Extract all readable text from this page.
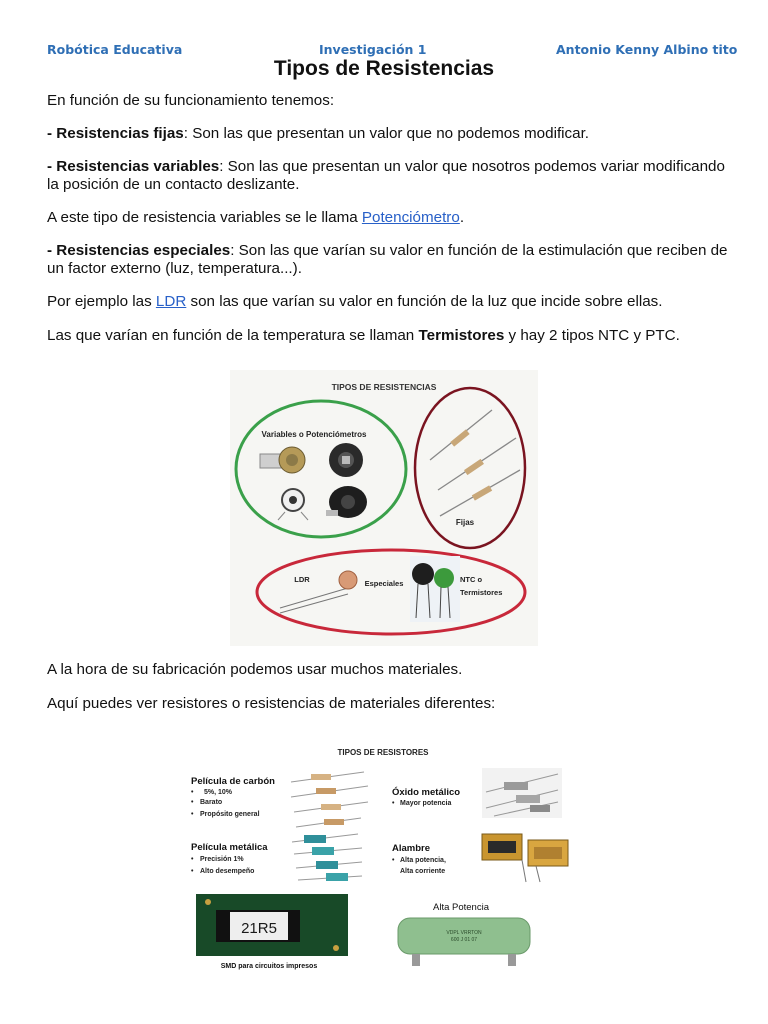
Robótica Educativa	Investigación 1	Antonio Kenny Albino tito
Tipos de Resistencias

En función de su funcionamiento tenemos:

- Resistencias fijas: Son las que presentan un valor que no podemos modificar.

- Resistencias variables: Son las que presentan un valor que nosotros podemos variar modificando la posición de un contacto deslizante.

A este tipo de resistencia variables se le llama Potenciómetro.

- Resistencias especiales: Son las que varían su valor en función de la estimulación que reciben de un factor externo (luz, temperatura...).

Por ejemplo las LDR son las que varían su valor en función de la luz que incide sobre ellas.

Las que varían en función de la temperatura se llaman Termistores y hay 2 tipos NTC y PTC.

TIPOS DE RESISTENCIAS
Variables o Potenciómetros
Fijas
LDR	Especiales	NTC o
Termistores

A la hora de su fabricación podemos usar muchos materiales.

Aquí puedes ver resistores o resistencias de materiales diferentes:

TIPOS DE RESISTORES
Película de carbón
• 5%, 10%
• Barato
• Propósito general
Óxido metálico
• Mayor potencia
Película metálica
• Precisión 1%
• Alto desempeño
Alambre
• Alta potencia,
Alta corriente
21R5
SMD para circuitos impresos
Alta Potencia
VDPL VRRTON
600 J 01 07
